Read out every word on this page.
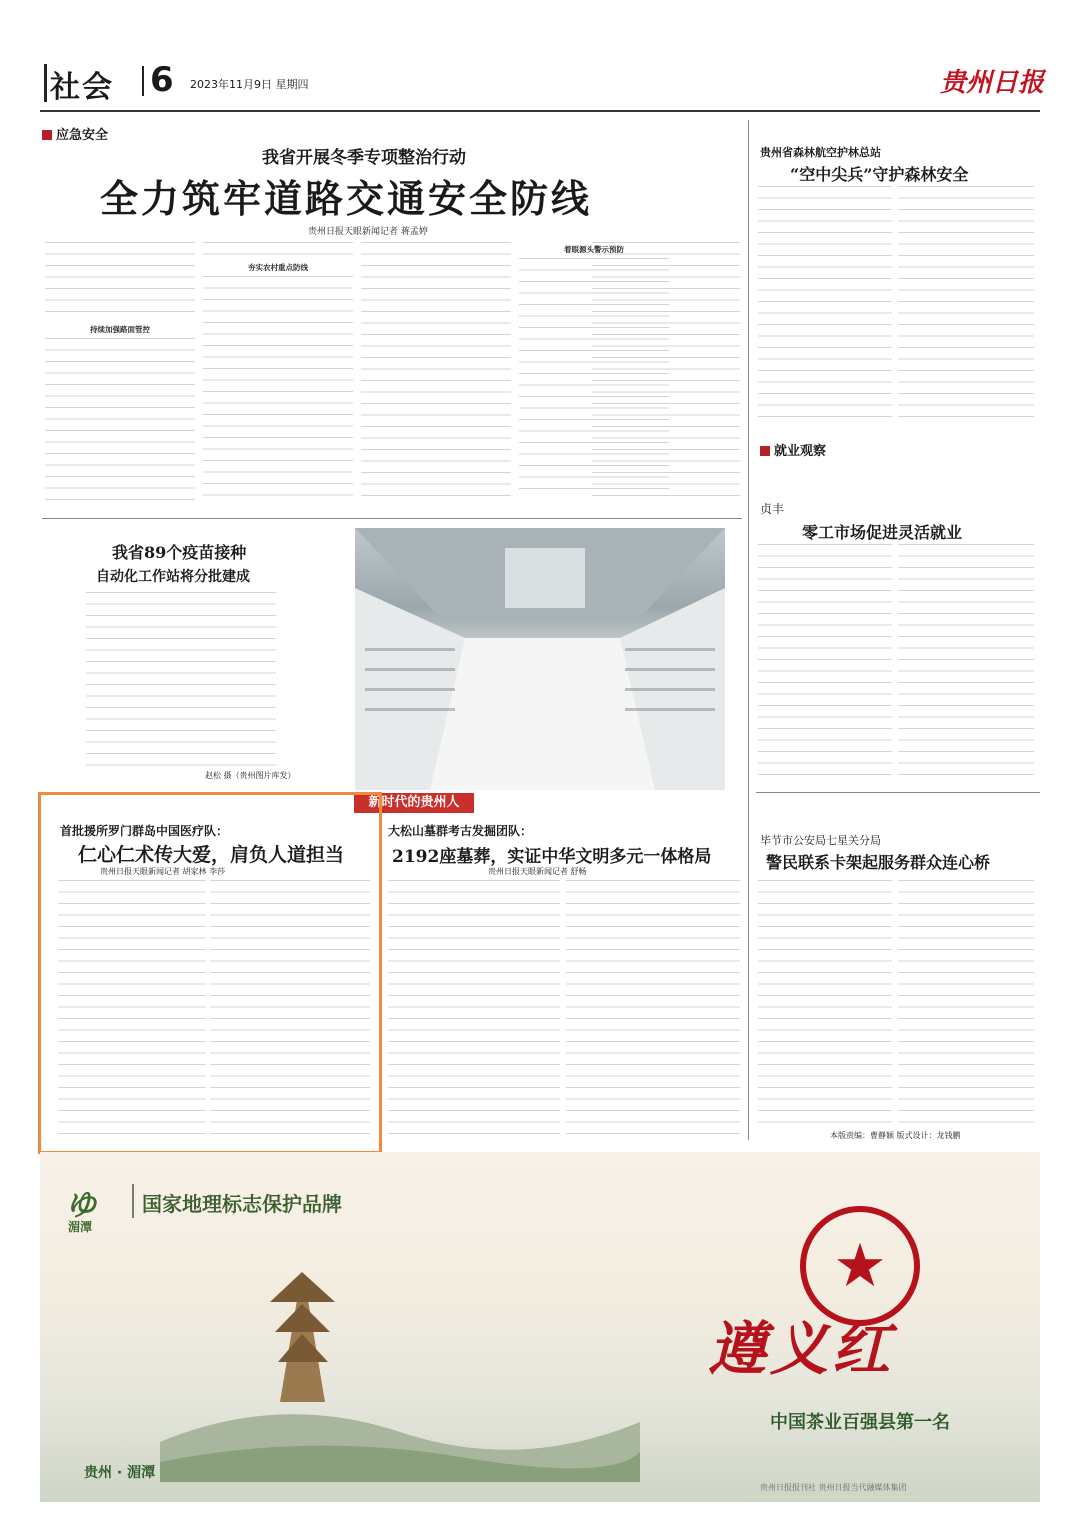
社会 6 2023年11月9日 星期四	贵州日报
应急安全
我省开展冬季专项整治行动
全力筑牢道路交通安全防线
贵州日报天眼新闻记者 蒋孟婷
持续加强路面管控
夯实农村重点防线
着眼源头警示预防
我省89个疫苗接种
自动化工作站将分批建成
赵松 摄（贵州图片库发）
新时代的贵州人
首批援所罗门群岛中国医疗队：
仁心仁术传大爱，肩负人道担当
贵州日报天眼新闻记者 胡家林 李莎
大松山墓群考古发掘团队：
2192座墓葬，实证中华文明多元一体格局
贵州日报天眼新闻记者 舒畅
贵州省森林航空护林总站
“空中尖兵”守护森林安全
就业观察
贞丰
零工市场促进灵活就业
毕节市公安局七星关分局
警民联系卡架起服务群众连心桥
本版责编：曹静颖 版式设计：龙钱鹏
ゆ
湄潭
国家地理标志保护品牌
★
遵义红
中国茶业百强县第一名
贵州 · 湄潭
贵州日报报刊社 贵州日报当代融媒体集团
